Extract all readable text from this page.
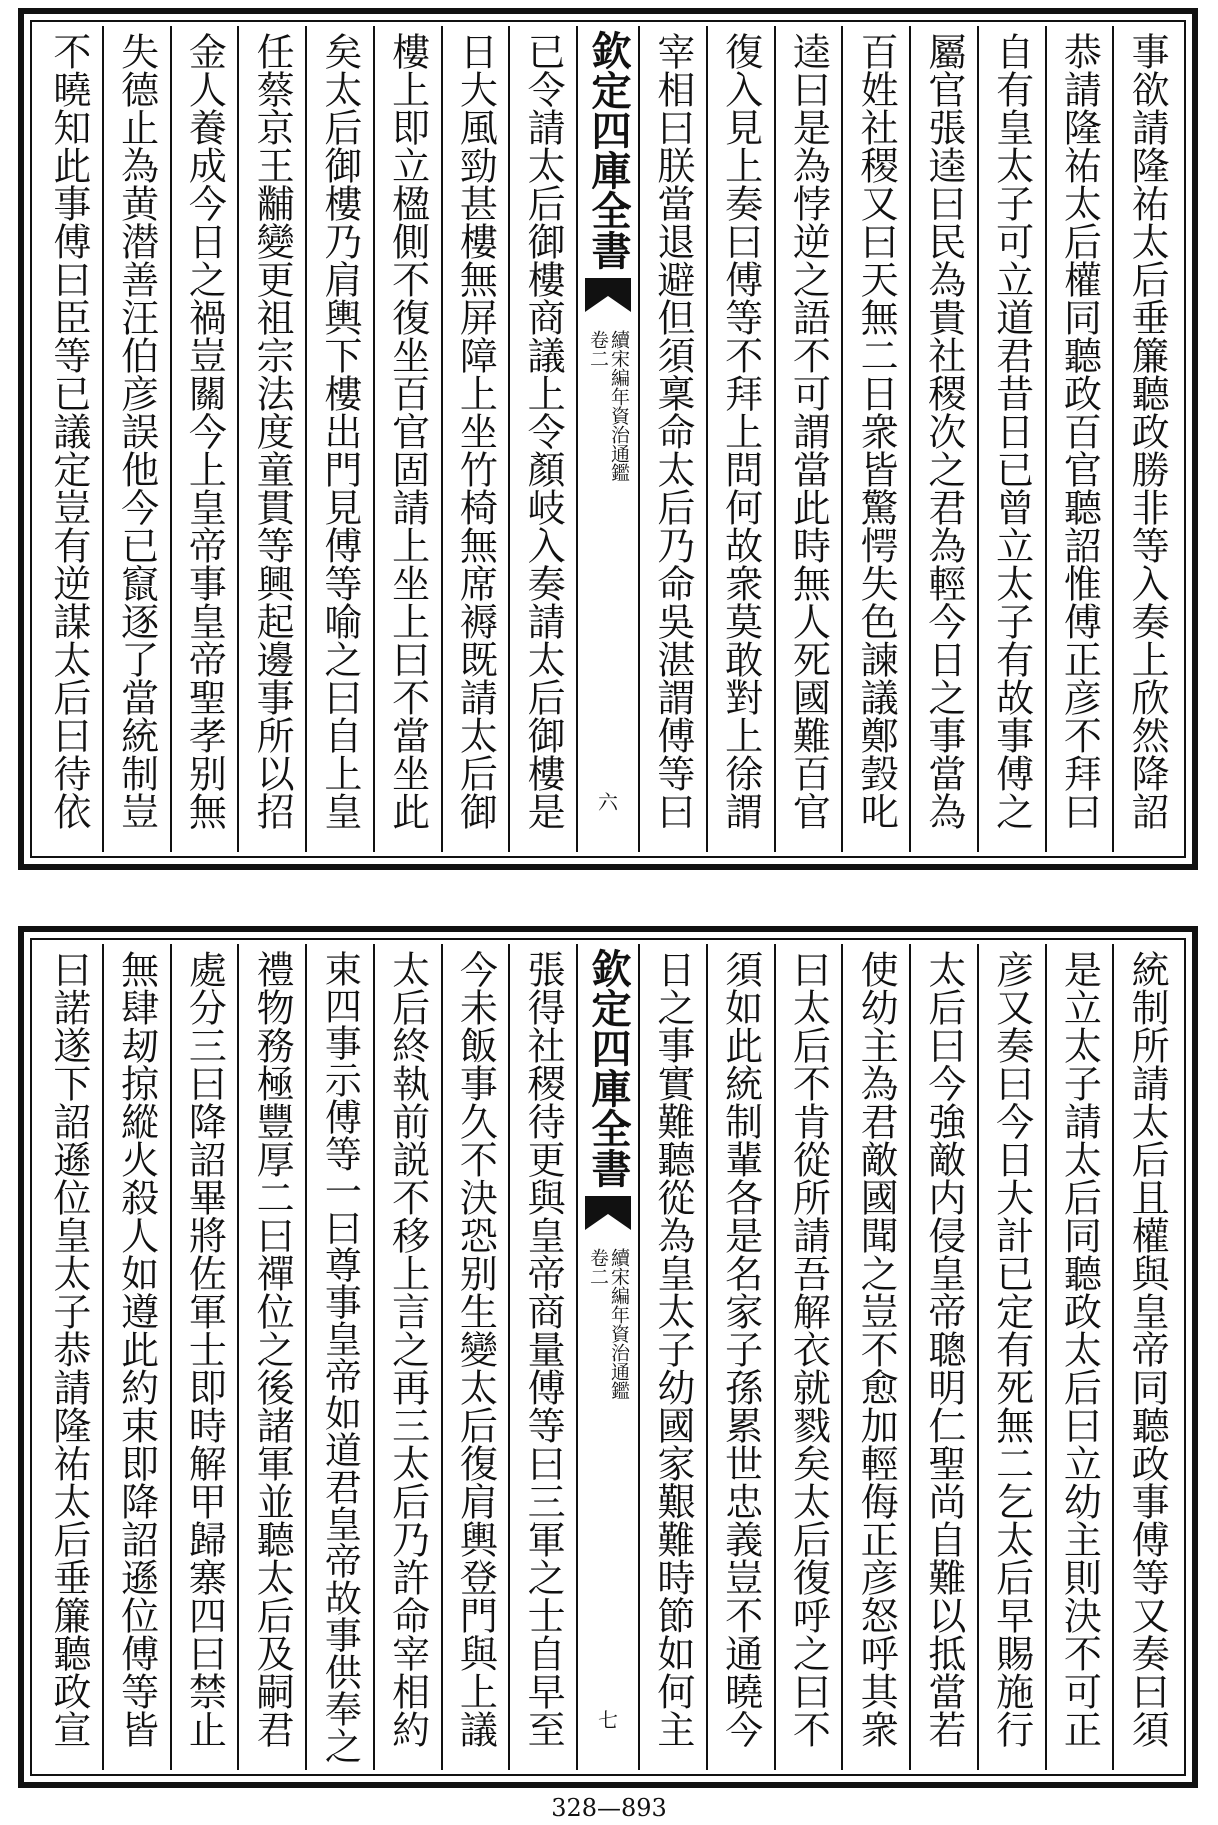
事欲請隆祐太后垂簾聽政勝非等入奏上欣然降詔
恭請隆祐太后權同聽政百官聽詔惟傅正彦不拜曰
自有皇太子可立道君昔日已曾立太子有故事傅之
屬官張逵曰民為貴社稷次之君為輕今日之事當為
百姓社稷又曰天無二日衆皆驚愕失色諫議鄭瑴叱
逵曰是為悖逆之語不可謂當此時無人死國難百官
復入見上奏曰傅等不拜上問何故衆莫敢對上徐謂
宰相曰朕當退避但須稟命太后乃命吳湛謂傅等曰
欽定四庫全書
續宋編年資治通鑑
卷二
六
已令請太后御樓商議上令顏岐入奏請太后御樓是
日大風勁甚樓無屏障上坐竹椅無席褥既請太后御
樓上即立楹側不復坐百官固請上坐上曰不當坐此
矣太后御樓乃肩輿下樓出門見傅等喻之曰自上皇
任蔡京王黼變更祖宗法度童貫等興起邊事所以招
金人養成今日之禍豈關今上皇帝事皇帝聖孝别無
失德止為黄潜善汪伯彦誤他今已竄逐了當統制豈
不曉知此事傅曰臣等已議定豈有逆謀太后曰待依
統制所請太后且權與皇帝同聽政事傅等又奏曰須
是立太子請太后同聽政太后曰立幼主則決不可正
彦又奏曰今日大計已定有死無二乞太后早賜施行
太后曰今強敵内侵皇帝聰明仁聖尚自難以抵當若
使幼主為君敵國聞之豈不愈加輕侮正彦怒呼其衆
曰太后不肯從所請吾解衣就戮矣太后復呼之曰不
須如此統制輩各是名家子孫累世忠義豈不通曉今
日之事實難聽從為皇太子幼國家艱難時節如何主
欽定四庫全書
續宋編年資治通鑑
卷二
七
張得社稷待更與皇帝商量傅等曰三軍之士自早至
今未飯事久不決恐别生變太后復肩輿登門與上議
太后終執前説不移上言之再三太后乃許命宰相約
束四事示傅等一曰尊事皇帝如道君皇帝故事供奉之
禮物務極豐厚二曰禪位之後諸軍並聽太后及嗣君
處分三曰降詔畢將佐軍士即時解甲歸寨四曰禁止
無肆刼掠縱火殺人如遵此約束即降詔遜位傅等皆
曰諾遂下詔遜位皇太子恭請隆祐太后垂簾聽政宣
328—893
